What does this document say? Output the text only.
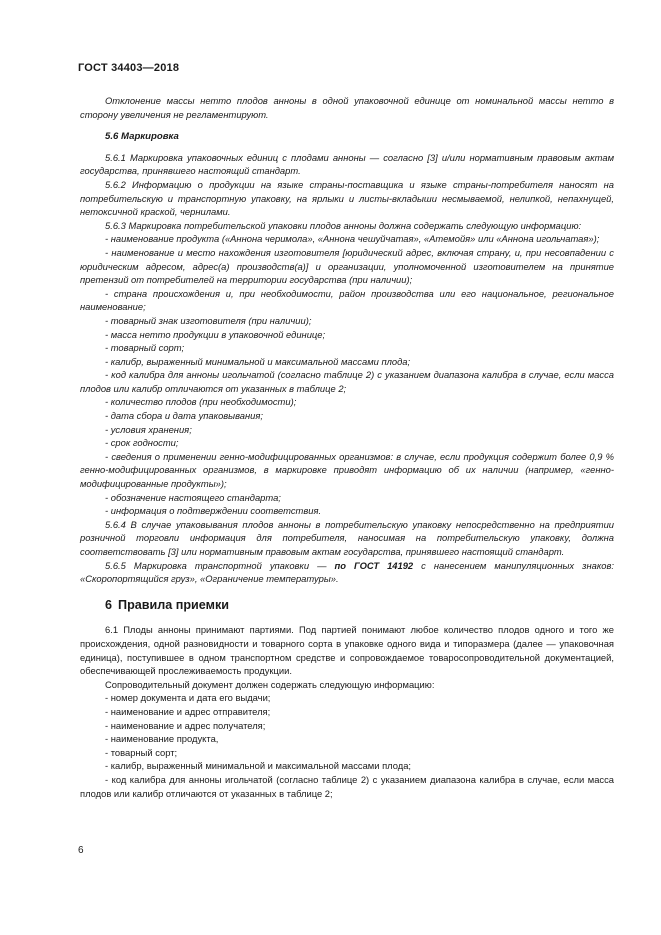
ГОСТ 34403—2018

Отклонение массы нетто плодов анноны в одной упаковочной единице от номинальной массы нетто в сторону увеличения не регламентируют.

5.6 Маркировка

5.6.1 Маркировка упаковочных единиц с плодами анноны — согласно [3] и/или нормативным правовым актам государства, принявшего настоящий стандарт.

5.6.2 Информацию о продукции на языке страны-поставщика и языке страны-потребителя наносят на потребительскую и транспортную упаковку, на ярлыки и листы-вкладыши несмываемой, нелипкой, непахнущей, нетоксичной краской, чернилами.

5.6.3 Маркировка потребительской упаковки плодов анноны должна содержать следующую информацию:

- наименование продукта («Аннона черимола», «Аннона чешуйчатая», «Атемойя» или «Аннона игольчатая»);

- наименование и место нахождения изготовителя [юридический адрес, включая страну, и, при несовпадении с юридическим адресом, адрес(а) производств(а)] и организации, уполномоченной изготовителем на принятие претензий от потребителей на территории государства (при наличии);

- страна происхождения и, при необходимости, район производства или его национальное, региональное наименование;

- товарный знак изготовителя (при наличии);

- масса нетто продукции в упаковочной единице;

- товарный сорт;

- калибр, выраженный минимальной и максимальной массами плода;

- код калибра для анноны игольчатой (согласно таблице 2) с указанием диапазона калибра в случае, если масса плодов или калибр отличаются от указанных в таблице 2;

- количество плодов (при необходимости);

- дата сбора и дата упаковывания;

- условия хранения;

- срок годности;

- сведения о применении генно-модифицированных организмов: в случае, если продукция содержит более 0,9 % генно-модифицированных организмов, в маркировке приводят информацию об их наличии (например, «генно-модифицированные продукты»);

- обозначение настоящего стандарта;

- информация о подтверждении соответствия.

5.6.4 В случае упаковывания плодов анноны в потребительскую упаковку непосредственно на предприятии розничной торговли информация для потребителя, наносимая на потребительскую упаковку, должна соответствовать [3] или нормативным правовым актам государства, принявшего настоящий стандарт.

5.6.5 Маркировка транспортной упаковки — по ГОСТ 14192 с нанесением манипуляционных знаков: «Скоропортящийся груз», «Ограничение температуры».

6 Правила приемки

6.1 Плоды анноны принимают партиями. Под партией понимают любое количество плодов одного и того же происхождения, одной разновидности и товарного сорта в упаковке одного вида и типоразмера (далее — упаковочная единица), поступившее в одном транспортном средстве и сопровождаемое товаросопроводительной документацией, обеспечивающей прослеживаемость продукции.

Сопроводительный документ должен содержать следующую информацию:

- номер документа и дата его выдачи;

- наименование и адрес отправителя;

- наименование и адрес получателя;

- наименование продукта,

- товарный сорт;

- калибр, выраженный минимальной и максимальной массами плода;

- код калибра для анноны игольчатой (согласно таблице 2) с указанием диапазона калибра в случае, если масса плодов или калибр отличаются от указанных в таблице 2;

6
